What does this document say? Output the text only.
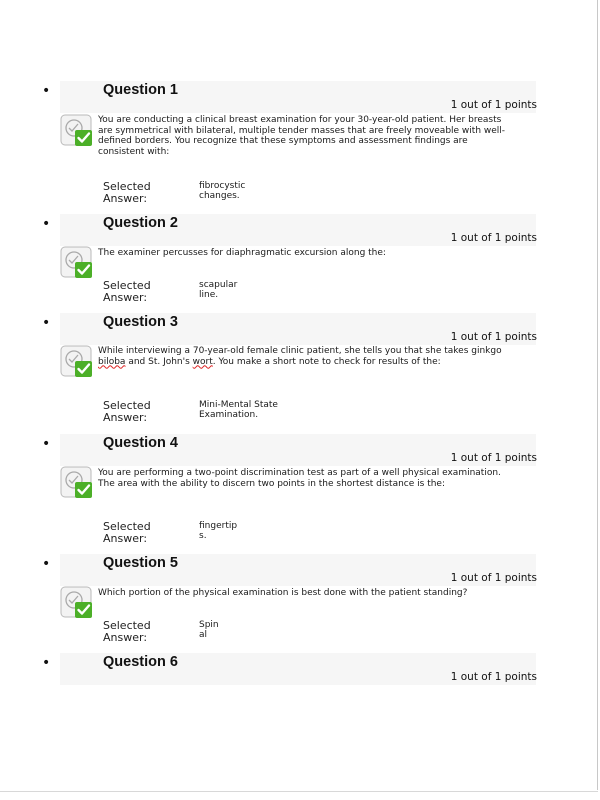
•	Question 1
1 out of 1 points
You are conducting a clinical breast examination for your 30-year-old patient. Her breasts are symmetrical with bilateral, multiple tender masses that are freely moveable with well-defined borders. You recognize that these symptoms and assessment findings are consistent with:
Selected
Answer:
fibrocystic
changes.
•	Question 2
1 out of 1 points
The examiner percusses for diaphragmatic excursion along the:
Selected
Answer:
scapular
line.
•	Question 3
1 out of 1 points
While interviewing a 70-year-old female clinic patient, she tells you that she takes ginkgo biloba and St. John's wort. You make a short note to check for results of the:
Selected
Answer:
Mini-Mental State
Examination.
•	Question 4
1 out of 1 points
You are performing a two-point discrimination test as part of a well physical examination. The area with the ability to discern two points in the shortest distance is the:
Selected
Answer:
fingertip
s.
•	Question 5
1 out of 1 points
Which portion of the physical examination is best done with the patient standing?
Selected
Answer:
Spin
al
•	Question 6
1 out of 1 points
